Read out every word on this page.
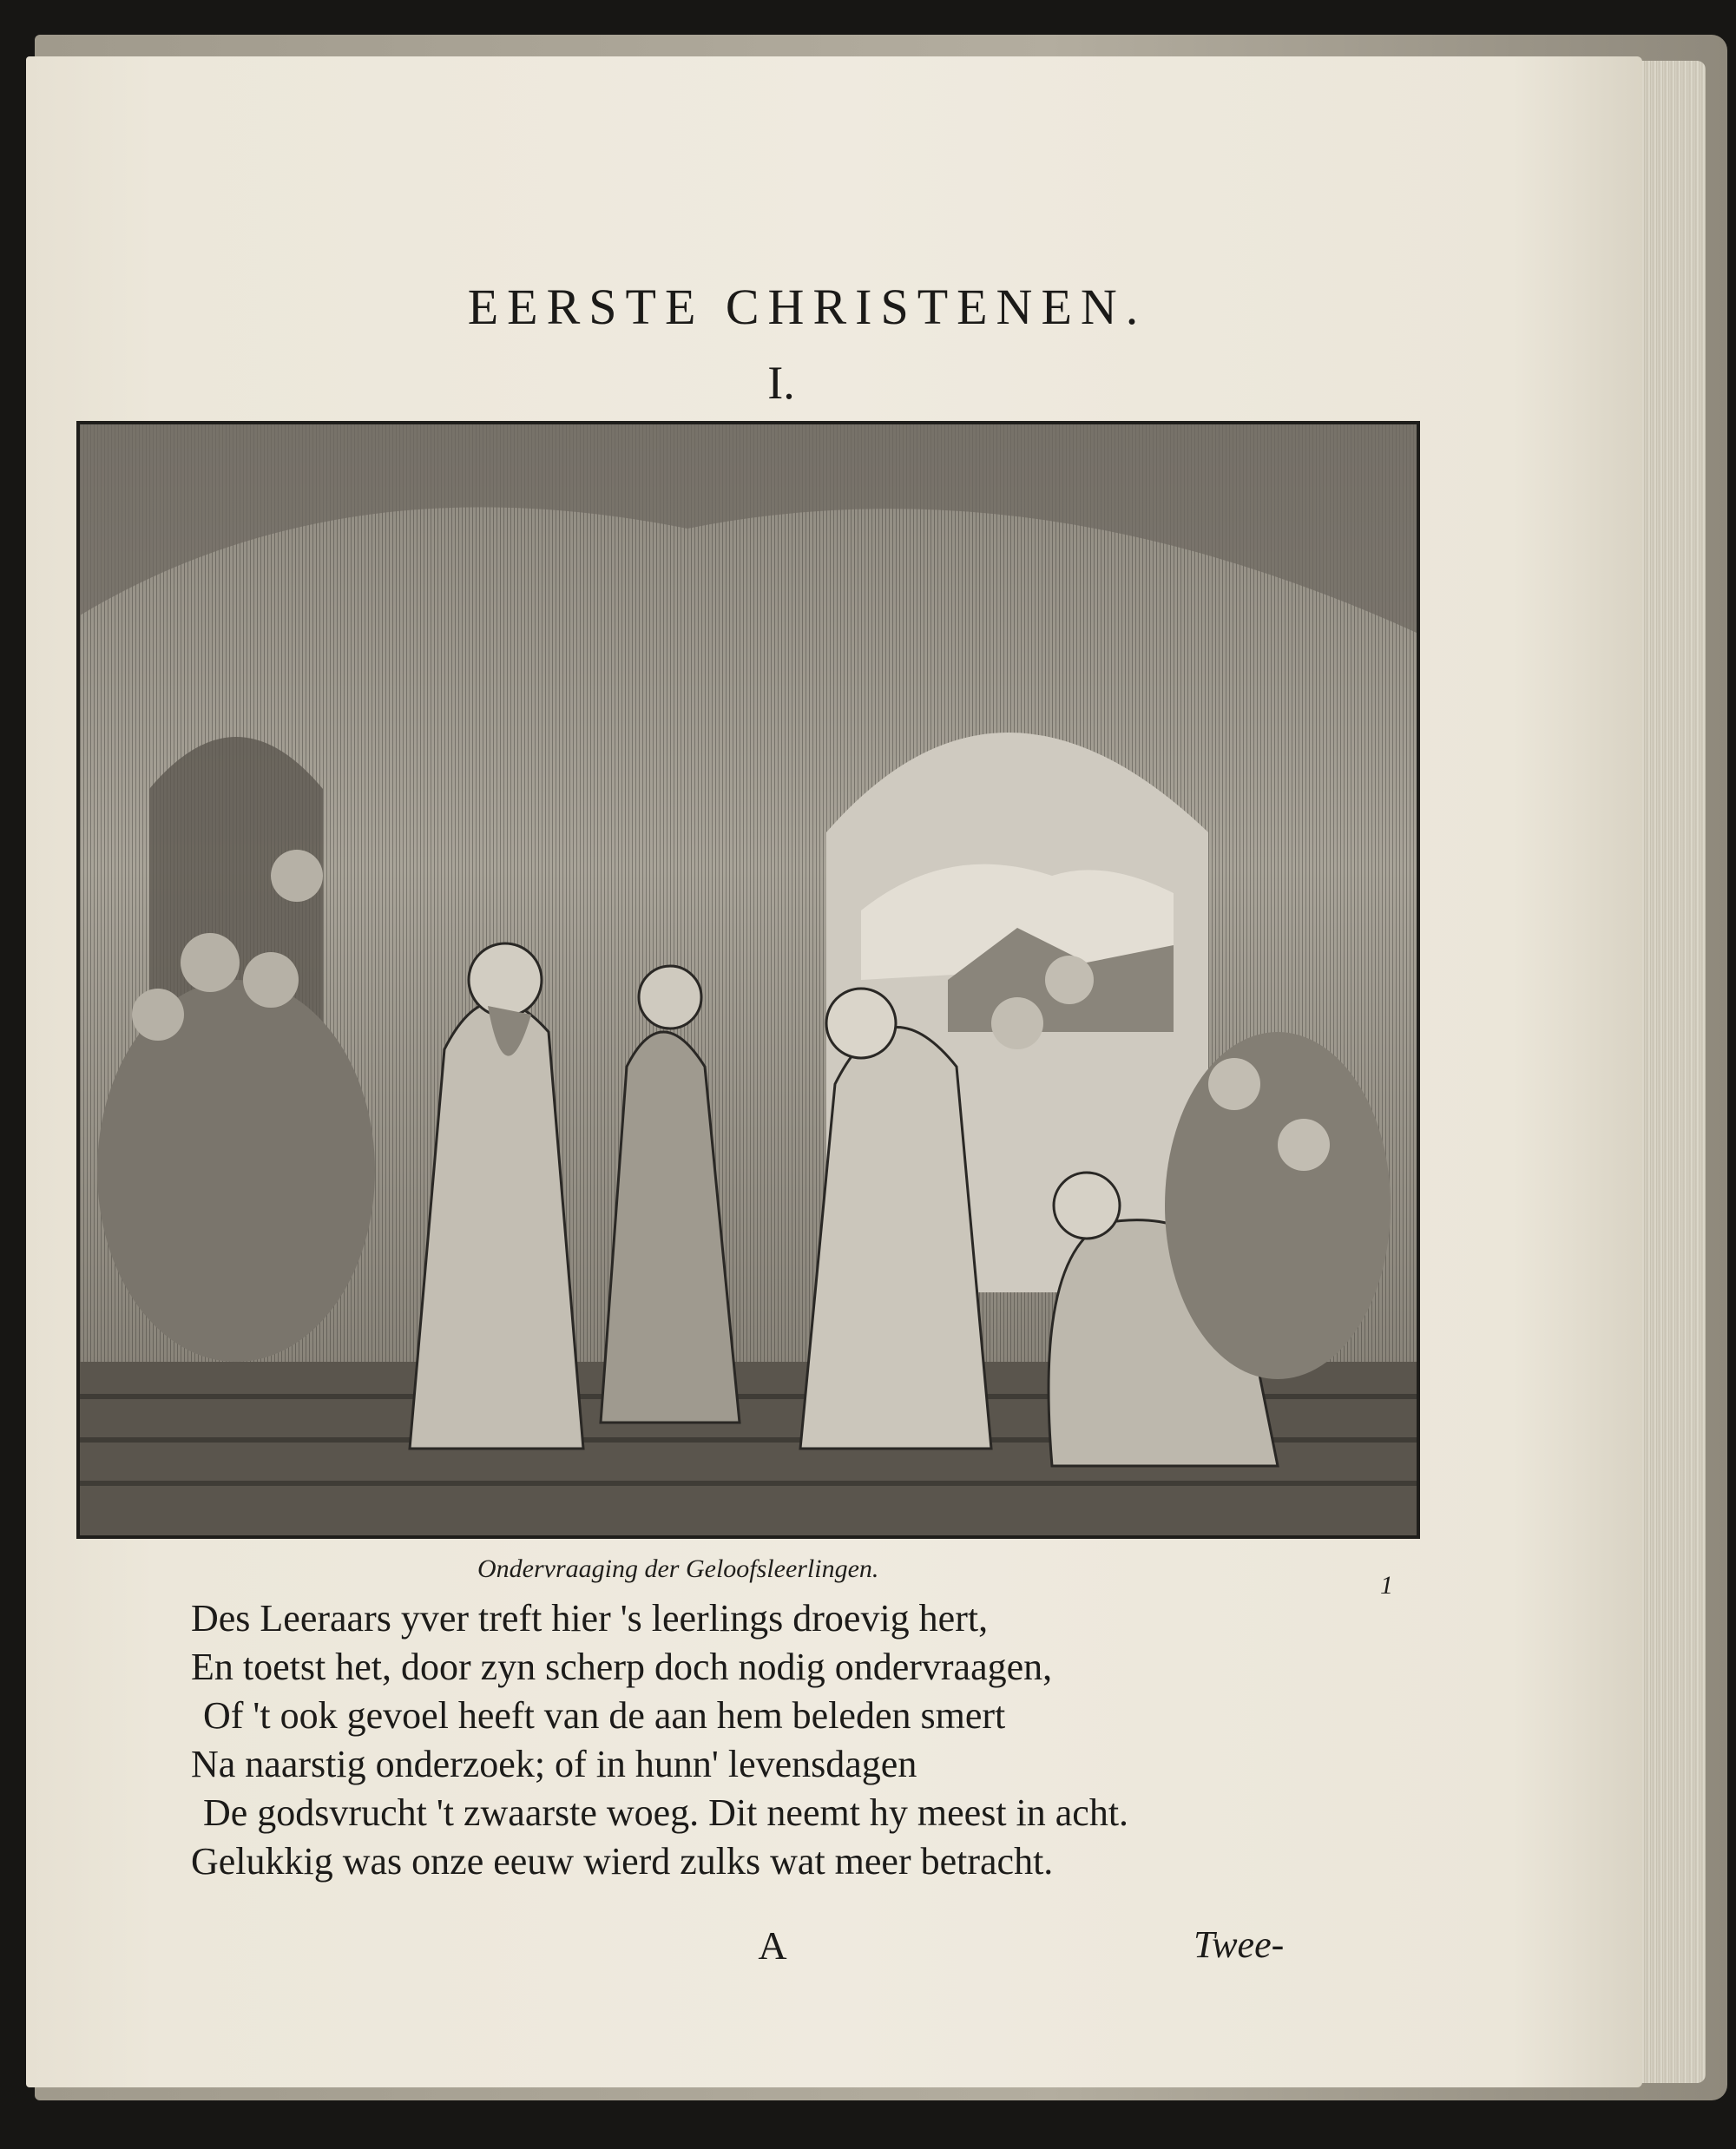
EERSTE CHRISTENEN.
I.
Ondervraaging der Geloofsleerlingen.
1
Des Leeraars yver treft hier 's leerlings droevig hert,
En toetst het, door zyn scherp doch nodig ondervraagen,
Of 't ook gevoel heeft van de aan hem beleden smert
Na naarstig onderzoek; of in hunn' levensdagen
De godsvrucht 't zwaarste woeg. Dit neemt hy meest in acht.
Gelukkig was onze eeuw wierd zulks wat meer betracht.
A	Twee-
